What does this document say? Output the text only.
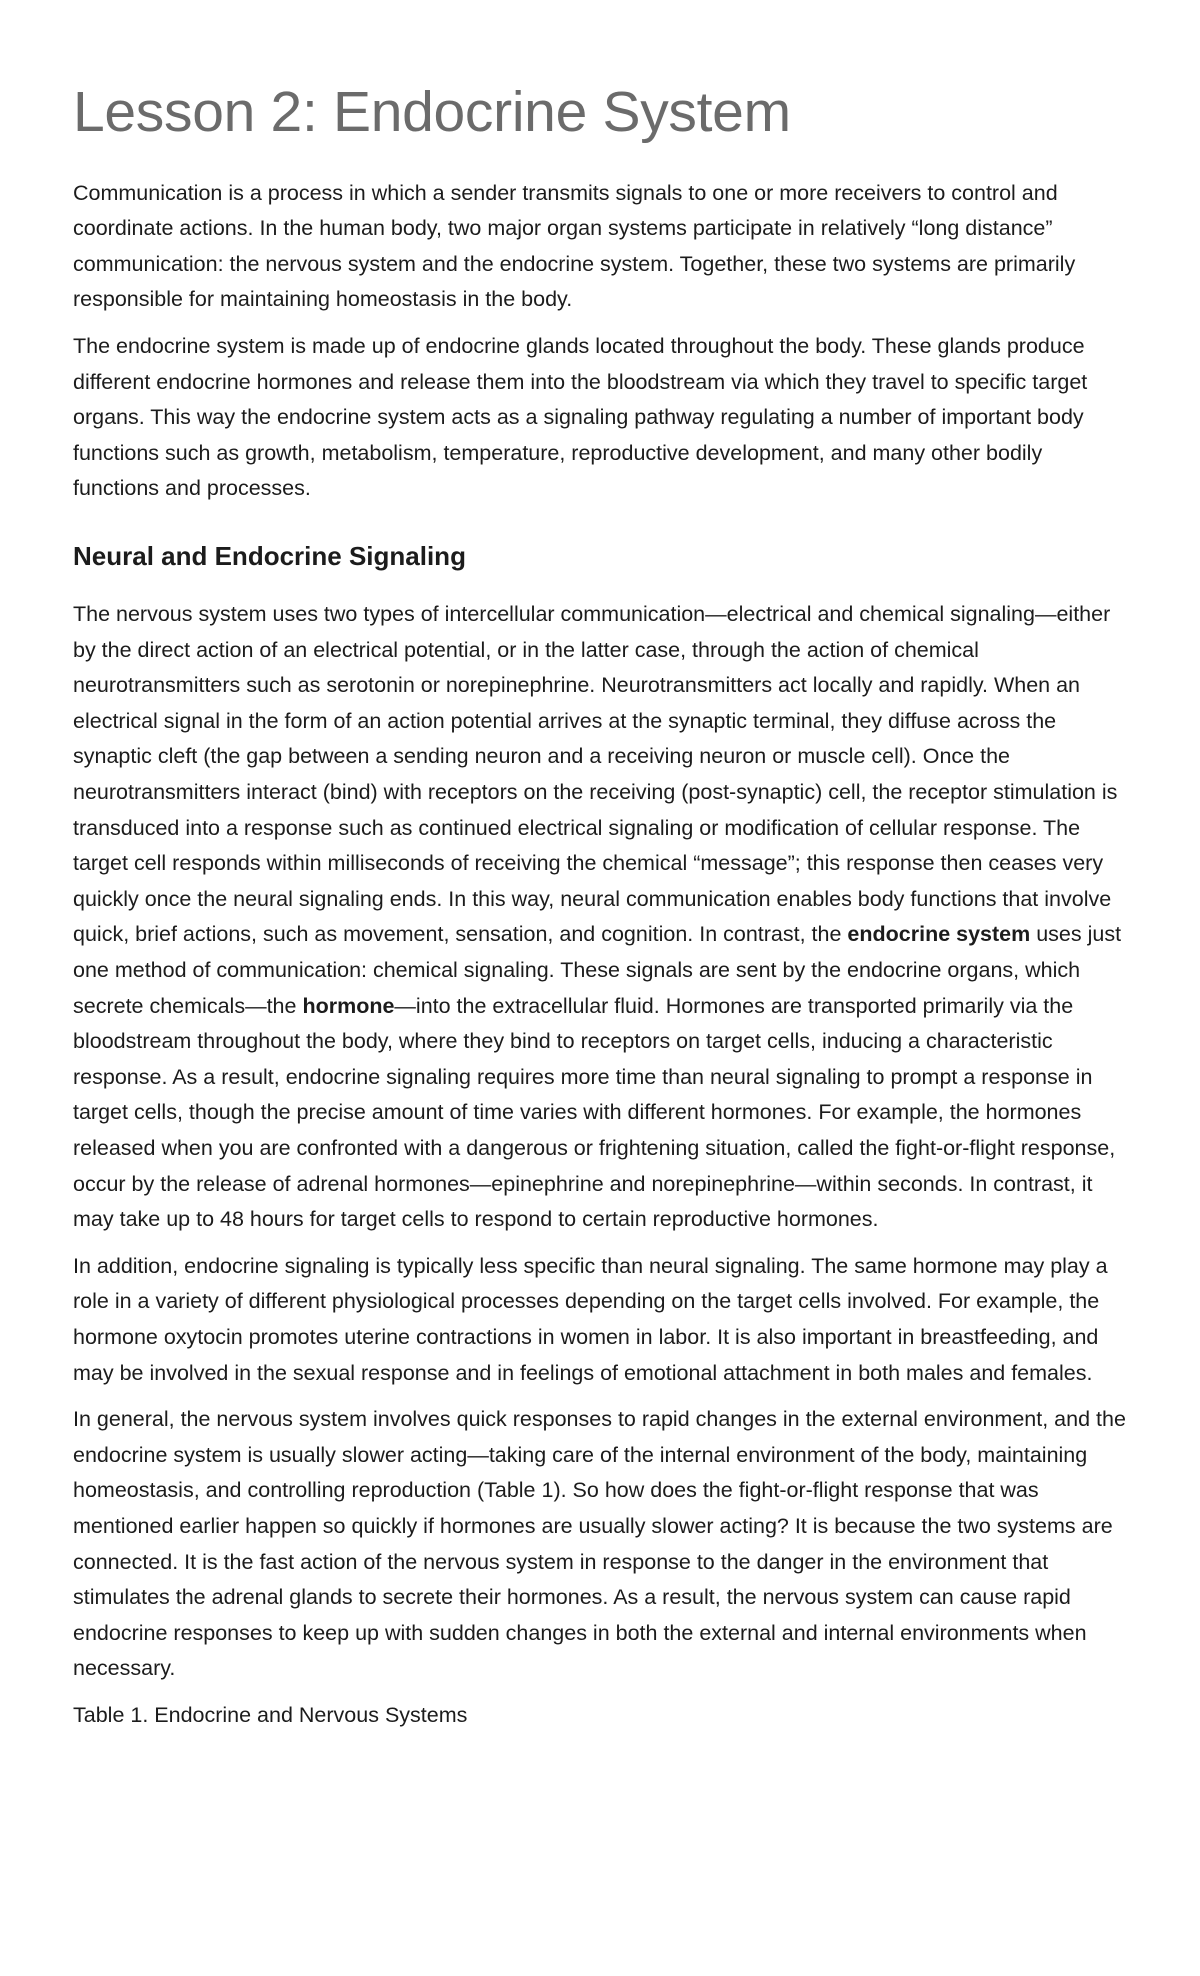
Lesson 2: Endocrine System

Communication is a process in which a sender transmits signals to one or more receivers to control and coordinate actions. In the human body, two major organ systems participate in relatively “long distance” communication: the nervous system and the endocrine system. Together, these two systems are primarily responsible for maintaining homeostasis in the body.

The endocrine system is made up of endocrine glands located throughout the body. These glands produce different endocrine hormones and release them into the bloodstream via which they travel to specific target organs. This way the endocrine system acts as a signaling pathway regulating a number of important body functions such as growth, metabolism, temperature, reproductive development, and many other bodily functions and processes.

Neural and Endocrine Signaling

The nervous system uses two types of intercellular communication—electrical and chemical signaling—either by the direct action of an electrical potential, or in the latter case, through the action of chemical neurotransmitters such as serotonin or norepinephrine. Neurotransmitters act locally and rapidly. When an electrical signal in the form of an action potential arrives at the synaptic terminal, they diffuse across the synaptic cleft (the gap between a sending neuron and a receiving neuron or muscle cell). Once the neurotransmitters interact (bind) with receptors on the receiving (post-synaptic) cell, the receptor stimulation is transduced into a response such as continued electrical signaling or modification of cellular response. The target cell responds within milliseconds of receiving the chemical “message”; this response then ceases very quickly once the neural signaling ends. In this way, neural communication enables body functions that involve quick, brief actions, such as movement, sensation, and cognition. In contrast, the endocrine system uses just one method of communication: chemical signaling. These signals are sent by the endocrine organs, which secrete chemicals—the hormone—into the extracellular fluid. Hormones are transported primarily via the bloodstream throughout the body, where they bind to receptors on target cells, inducing a characteristic response. As a result, endocrine signaling requires more time than neural signaling to prompt a response in target cells, though the precise amount of time varies with different hormones. For example, the hormones released when you are confronted with a dangerous or frightening situation, called the fight-or-flight response, occur by the release of adrenal hormones—epinephrine and norepinephrine—within seconds. In contrast, it may take up to 48 hours for target cells to respond to certain reproductive hormones.

In addition, endocrine signaling is typically less specific than neural signaling. The same hormone may play a role in a variety of different physiological processes depending on the target cells involved. For example, the hormone oxytocin promotes uterine contractions in women in labor. It is also important in breastfeeding, and may be involved in the sexual response and in feelings of emotional attachment in both males and females.

In general, the nervous system involves quick responses to rapid changes in the external environment, and the endocrine system is usually slower acting—taking care of the internal environment of the body, maintaining homeostasis, and controlling reproduction (Table 1). So how does the fight-or-flight response that was mentioned earlier happen so quickly if hormones are usually slower acting? It is because the two systems are connected. It is the fast action of the nervous system in response to the danger in the environment that stimulates the adrenal glands to secrete their hormones. As a result, the nervous system can cause rapid endocrine responses to keep up with sudden changes in both the external and internal environments when necessary.

Table 1. Endocrine and Nervous Systems
